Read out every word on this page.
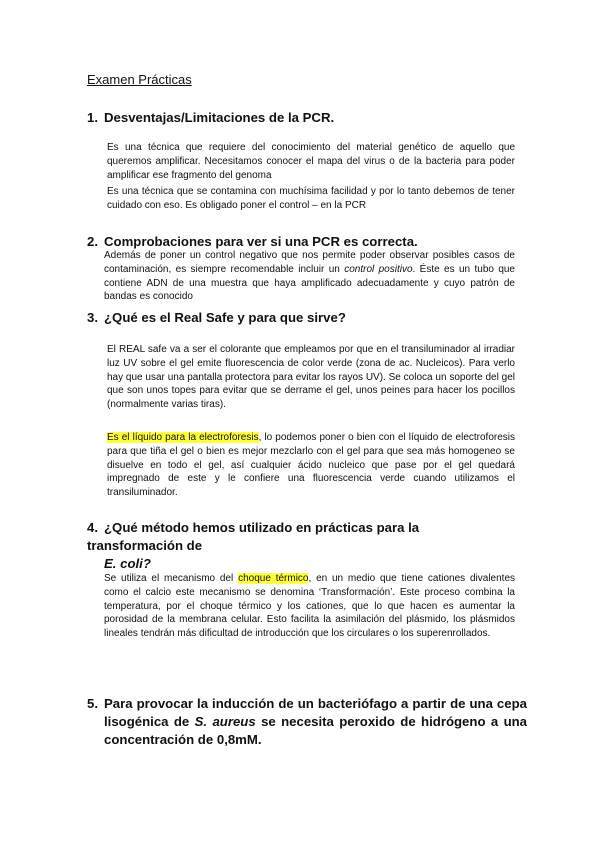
Examen Prácticas
1. Desventajas/Limitaciones de la PCR.

Es una técnica que requiere del conocimiento del material genético de aquello que queremos amplificar. Necesitamos conocer el mapa del virus o de la bacteria para poder amplificar ese fragmento del genoma

Es una técnica que se contamina con muchísima facilidad y por lo tanto debemos de tener cuidado con eso. Es obligado poner el control – en la PCR

2. Comprobaciones para ver si una PCR es correcta.

Además de poner un control negativo que nos permite poder observar posibles casos de contaminación, es siempre recomendable incluir un control positivo. Éste es un tubo que contiene ADN de una muestra que haya amplificado adecuadamente y cuyo patrón de bandas es conocido

3. ¿Qué es el Real Safe y para que sirve?

El REAL safe va a ser el colorante que empleamos por que en el transiluminador al irradiar luz UV sobre el gel emite fluorescencia de color verde (zona de ac. Nucleicos). Para verlo hay que usar una pantalla protectora para evitar los rayos UV). Se coloca un soporte del gel que son unos topes para evitar que se derrame el gel, unos peines para hacer los pocillos (normalmente varias tiras).

Es el líquido para la electroforesis, lo podemos poner o bien con el líquido de electroforesis para que tiña el gel o bien es mejor mezclarlo con el gel para que sea más homogeneo se disuelve en todo el gel, así cualquier ácido nucleico que pase por el gel quedará impregnado de este y le confiere una fluorescencia verde cuando utilizamos el transiluminador.

4. ¿Qué método hemos utilizado en prácticas para la transformación de
E. coli?

Se utiliza el mecanismo del choque térmico, en un medio que tiene cationes divalentes como el calcio este mecanismo se denomina ‘Transformación’. Este proceso combina la temperatura, por el choque térmico y los cationes, que lo que hacen es aumentar la porosidad de la membrana celular. Esto facilita la asimilación del plásmido, los plásmidos lineales tendrán más dificultad de introducción que los circulares o los superenrollados.

5. Para provocar la inducción de un bacteriófago a partir de una cepa lisogénica de S. aureus se necesita peroxido de hidrógeno a una concentración de 0,8mM.
